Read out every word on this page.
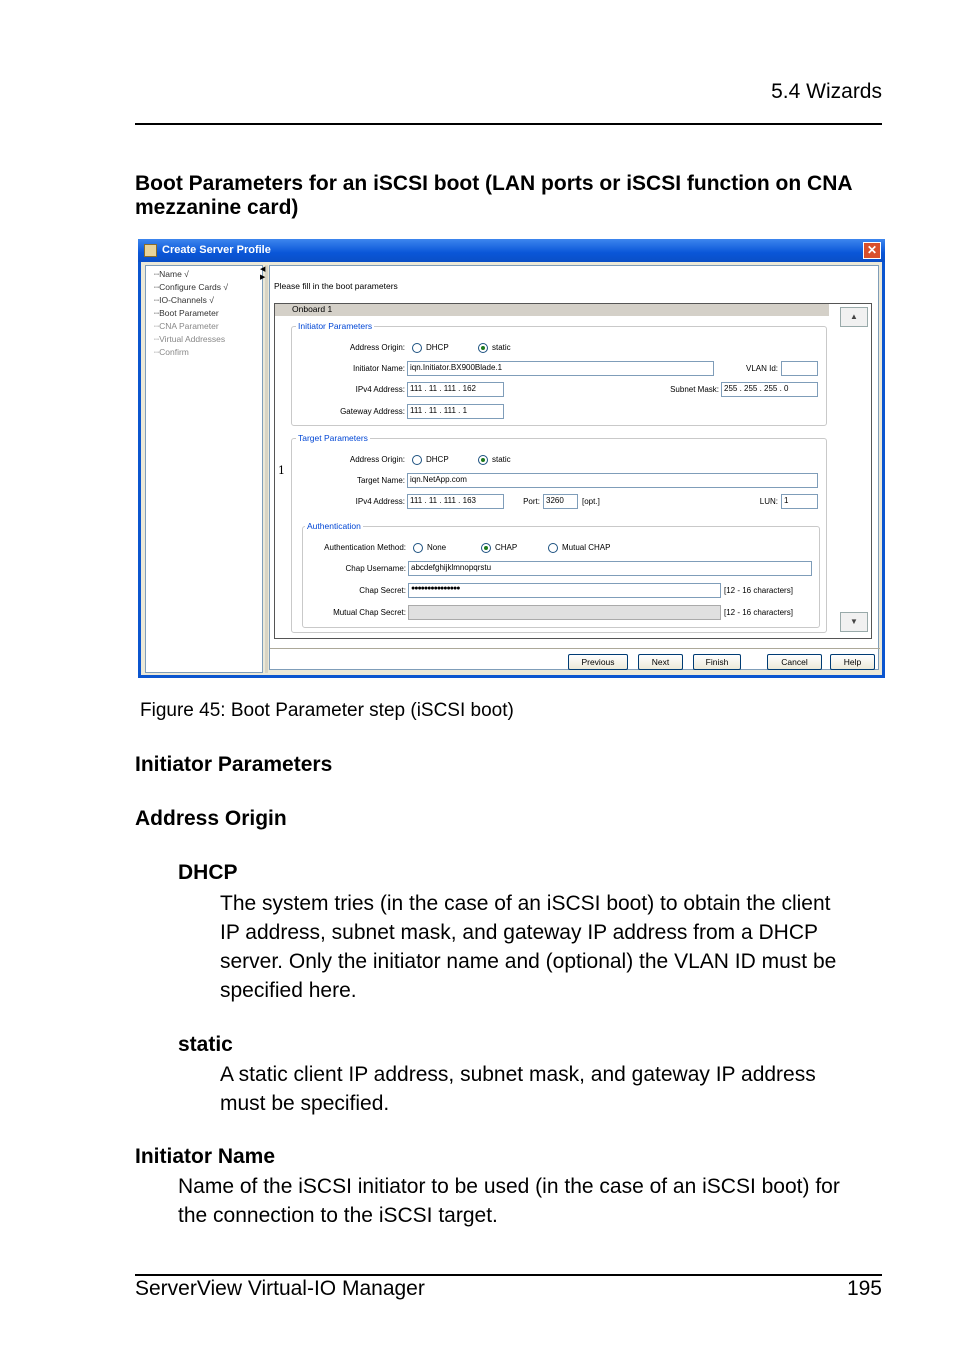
5.4 Wizards
Boot Parameters for an iSCSI boot (LAN ports or iSCSI function on CNA mezzanine card)
Create Server Profile	✕
┈Name √
┈Configure Cards √
┈IO-Channels √
┈Boot Parameter
┈CNA Parameter
┈Virtual Addresses
┈Confirm
◀
▶
Please fill in the boot parameters
Onboard 1
1
Initiator Parameters
Address Origin:	DHCP	static
Initiator Name: iqn.Initiator.BX900Blade.1	VLAN Id:
IPv4 Address: 111 . 11 . 111 . 162	Subnet Mask: 255 . 255 . 255 . 0
Gateway Address: 111 . 11 . 111 . 1
Target Parameters
Address Origin:	DHCP	static
Target Name: iqn.NetApp.com
IPv4 Address: 111 . 11 . 111 . 163	Port: 3260	[opt.]	LUN: 1
Authentication
Authentication Method:	None	CHAP	Mutual CHAP
Chap Username: abcdefghijklmnopqrstu
Chap Secret: ●●●●●●●●●●●●●●●	[12 - 16 characters]
Mutual Chap Secret:	[12 - 16 characters]
▲
▼
Previous	Next	Finish	Cancel	Help
Figure 45: Boot Parameter step (iSCSI boot)
Initiator Parameters
Address Origin
DHCP
The system tries (in the case of an iSCSI boot) to obtain the client
IP address, subnet mask, and gateway IP address from a DHCP
server. Only the initiator name and (optional) the VLAN ID must be
specified here.
static
A static client IP address, subnet mask, and gateway IP address
must be specified.
Initiator Name
Name of the iSCSI initiator to be used (in the case of an iSCSI boot) for
the connection to the iSCSI target.
ServerView Virtual-IO Manager	195
